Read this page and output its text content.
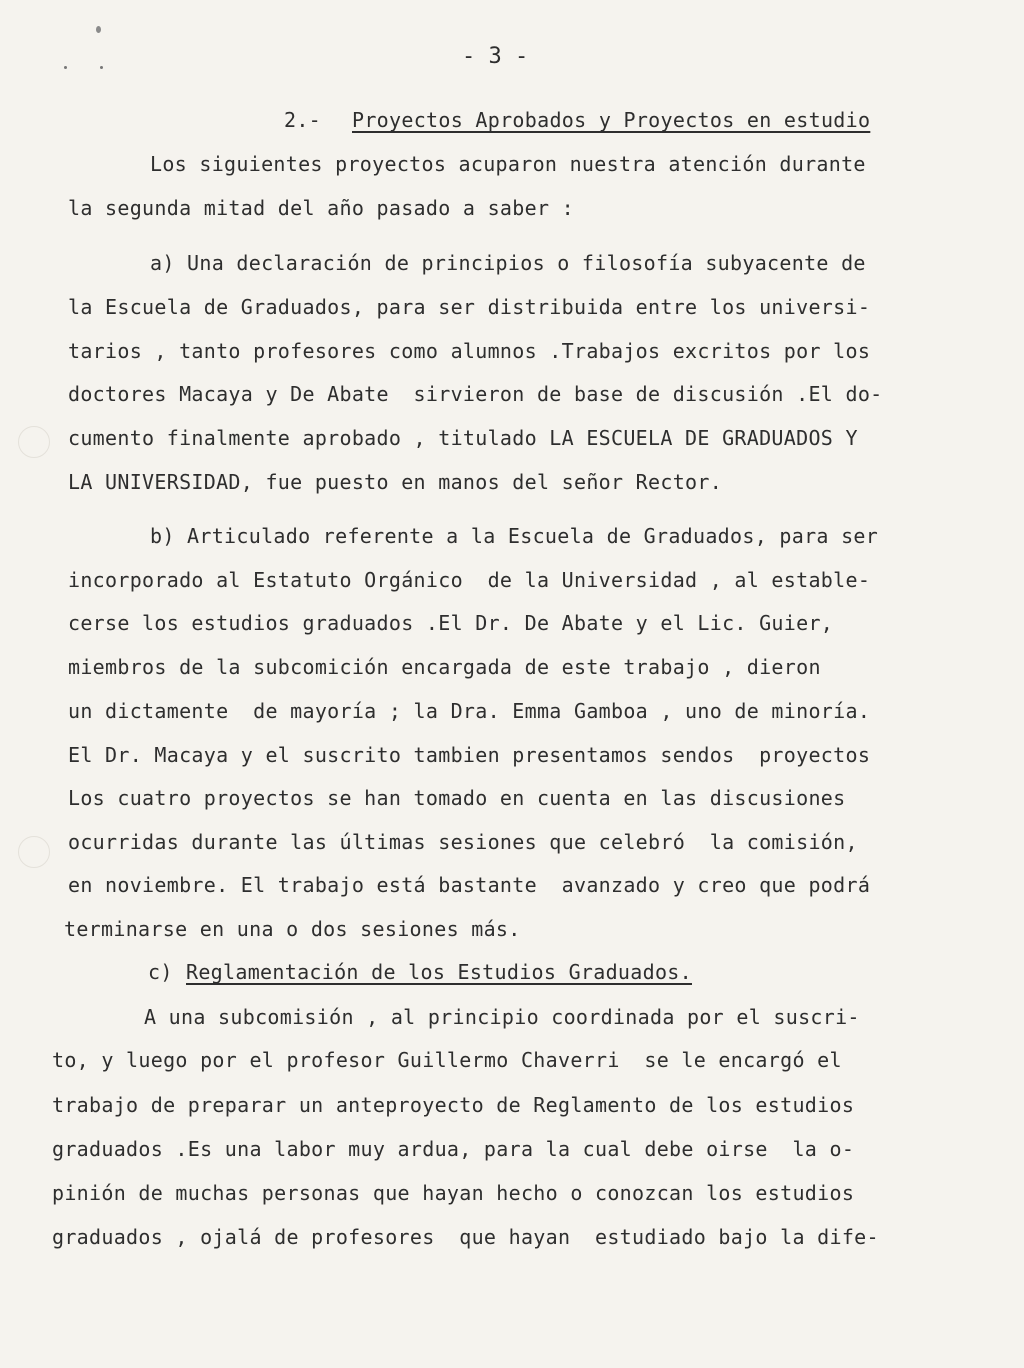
- 3 -
2.- Proyectos Aprobados y Proyectos en estudio
Los siguientes proyectos acuparon nuestra atención durante
la segunda mitad del año pasado a saber :
a) Una declaración de principios o filosofía subyacente de
la Escuela de Graduados, para ser distribuida entre los universi-
tarios , tanto profesores como alumnos .Trabajos excritos por los
doctores Macaya y De Abate  sirvieron de base de discusión .El do-
cumento finalmente aprobado , titulado LA ESCUELA DE GRADUADOS Y
LA UNIVERSIDAD, fue puesto en manos del señor Rector.
b) Articulado referente a la Escuela de Graduados, para ser
incorporado al Estatuto Orgánico  de la Universidad , al estable-
cerse los estudios graduados .El Dr. De Abate y el Lic. Guier,
miembros de la subcomición encargada de este trabajo , dieron
un dictamente  de mayoría ; la Dra. Emma Gamboa , uno de minoría.
El Dr. Macaya y el suscrito tambien presentamos sendos  proyectos
Los cuatro proyectos se han tomado en cuenta en las discusiones
ocurridas durante las últimas sesiones que celebró  la comisión,
en noviembre. El trabajo está bastante  avanzado y creo que podrá
terminarse en una o dos sesiones más.
c) Reglamentación de los Estudios Graduados.
A una subcomisión , al principio coordinada por el suscri-
to, y luego por el profesor Guillermo Chaverri  se le encargó el
trabajo de preparar un anteproyecto de Reglamento de los estudios
graduados .Es una labor muy ardua, para la cual debe oirse  la o-
pinión de muchas personas que hayan hecho o conozcan los estudios
graduados , ojalá de profesores  que hayan  estudiado bajo la dife-
